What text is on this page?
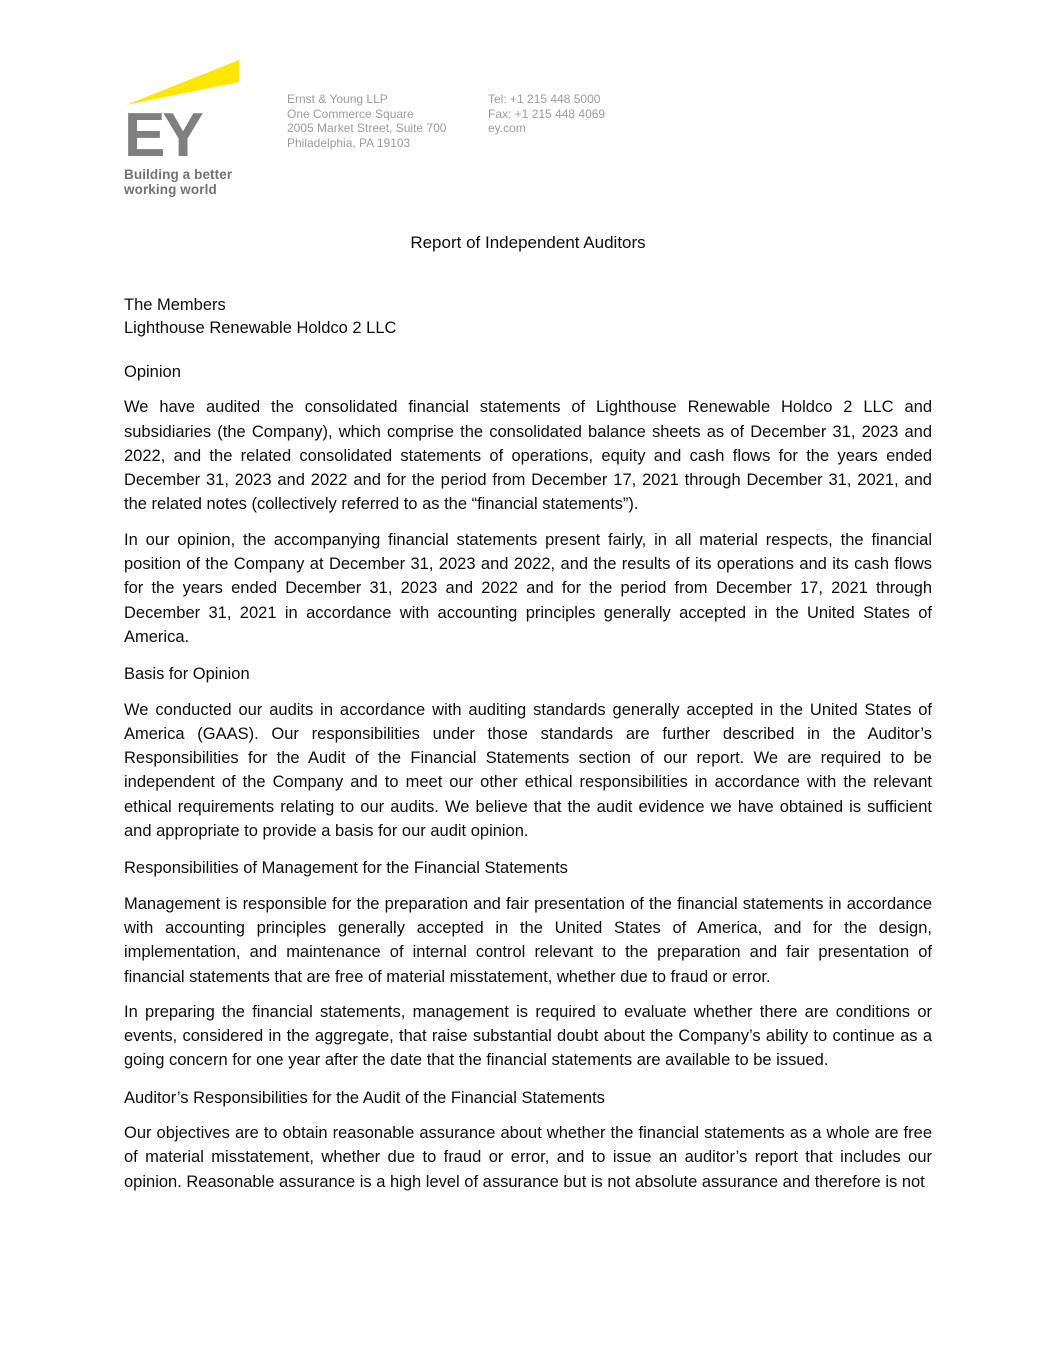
EY
Building a better
working world
Ernst & Young LLP
One Commerce Square
2005 Market Street, Suite 700
Philadelphia, PA 19103
Tel: +1 215 448 5000
Fax: +1 215 448 4069
ey.com
Report of Independent Auditors

The Members
Lighthouse Renewable Holdco 2 LLC

Opinion

We have audited the consolidated financial statements of Lighthouse Renewable Holdco 2 LLC and subsidiaries (the Company), which comprise the consolidated balance sheets as of December 31, 2023 and 2022, and the related consolidated statements of operations, equity and cash flows for the years ended December 31, 2023 and 2022 and for the period from December 17, 2021 through December 31, 2021, and the related notes (collectively referred to as the “financial statements”).

In our opinion, the accompanying financial statements present fairly, in all material respects, the financial position of the Company at December 31, 2023 and 2022, and the results of its operations and its cash flows for the years ended December 31, 2023 and 2022 and for the period from December 17, 2021 through December 31, 2021 in accordance with accounting principles generally accepted in the United States of America.

Basis for Opinion

We conducted our audits in accordance with auditing standards generally accepted in the United States of America (GAAS). Our responsibilities under those standards are further described in the Auditor’s Responsibilities for the Audit of the Financial Statements section of our report. We are required to be independent of the Company and to meet our other ethical responsibilities in accordance with the relevant ethical requirements relating to our audits. We believe that the audit evidence we have obtained is sufficient and appropriate to provide a basis for our audit opinion.

Responsibilities of Management for the Financial Statements

Management is responsible for the preparation and fair presentation of the financial statements in accordance with accounting principles generally accepted in the United States of America, and for the design, implementation, and maintenance of internal control relevant to the preparation and fair presentation of financial statements that are free of material misstatement, whether due to fraud or error.

In preparing the financial statements, management is required to evaluate whether there are conditions or events, considered in the aggregate, that raise substantial doubt about the Company’s ability to continue as a going concern for one year after the date that the financial statements are available to be issued.

Auditor’s Responsibilities for the Audit of the Financial Statements

Our objectives are to obtain reasonable assurance about whether the financial statements as a whole are free of material misstatement, whether due to fraud or error, and to issue an auditor’s report that includes our opinion. Reasonable assurance is a high level of assurance but is not absolute assurance and therefore is not
